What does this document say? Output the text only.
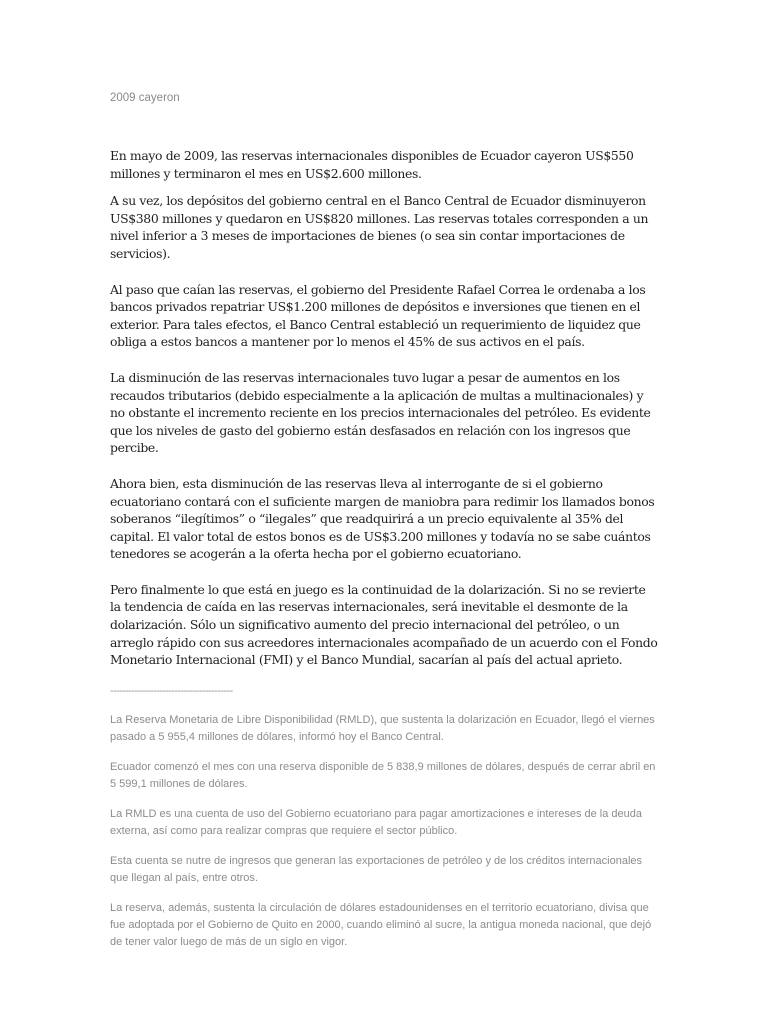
2009 cayeron

En mayo de 2009, las reservas internacionales disponibles de Ecuador cayeron US$550 millones y terminaron el mes en US$2.600 millones.

A su vez, los depósitos del gobierno central en el Banco Central de Ecuador disminuyeron US$380 millones y quedaron en US$820 millones. Las reservas totales corresponden a un nivel inferior a 3 meses de importaciones de bienes (o sea sin contar importaciones de servicios).

Al paso que caían las reservas, el gobierno del Presidente Rafael Correa le ordenaba a los bancos privados repatriar US$1.200 millones de depósitos e inversiones que tienen en el exterior. Para tales efectos, el Banco Central estableció un requerimiento de liquidez que obliga a estos bancos a mantener por lo menos el 45% de sus activos en el país.

La disminución de las reservas internacionales tuvo lugar a pesar de aumentos en los recaudos tributarios (debido especialmente a la aplicación de multas a multinacionales) y no obstante el incremento reciente en los precios internacionales del petróleo. Es evidente que los niveles de gasto del gobierno están desfasados en relación con los ingresos que percibe.

Ahora bien, esta disminución de las reservas lleva al interrogante de si el gobierno ecuatoriano contará con el suficiente margen de maniobra para redimir los llamados bonos soberanos “ilegítimos” o “ilegales” que readquirirá a un precio equivalente al 35% del capital. El valor total de estos bonos es de US$3.200 millones y todavía no se sabe cuántos tenedores se acogerán a la oferta hecha por el gobierno ecuatoriano.

Pero finalmente lo que está en juego es la continuidad de la dolarización. Si no se revierte la tendencia de caída en las reservas internacionales, será inevitable el desmonte de la dolarización. Sólo un significativo aumento del precio internacional del petróleo, o un arreglo rápido con sus acreedores internacionales acompañado de un acuerdo con el Fondo Monetario Internacional (FMI) y el Banco Mundial, sacarían al país del actual aprieto.

----------------------------------------

La Reserva Monetaria de Libre Disponibilidad (RMLD), que sustenta la dolarización en Ecuador, llegó el viernes pasado a 5 955,4 millones de dólares, informó hoy el Banco Central.

Ecuador comenzó el mes con una reserva disponible de 5 838,9 millones de dólares, después de cerrar abril en 5 599,1 millones de dólares.

La RMLD es una cuenta de uso del Gobierno ecuatoriano para pagar amortizaciones e intereses de la deuda externa, así como para realizar compras que requiere el sector público.

Esta cuenta se nutre de ingresos que generan las exportaciones de petróleo y de los créditos internacionales que llegan al país, entre otros.

La reserva, además, sustenta la circulación de dólares estadounidenses en el territorio ecuatoriano, divisa que fue adoptada por el Gobierno de Quito en 2000, cuando eliminó al sucre, la antigua moneda nacional, que dejó de tener valor luego de más de un siglo en vigor.
